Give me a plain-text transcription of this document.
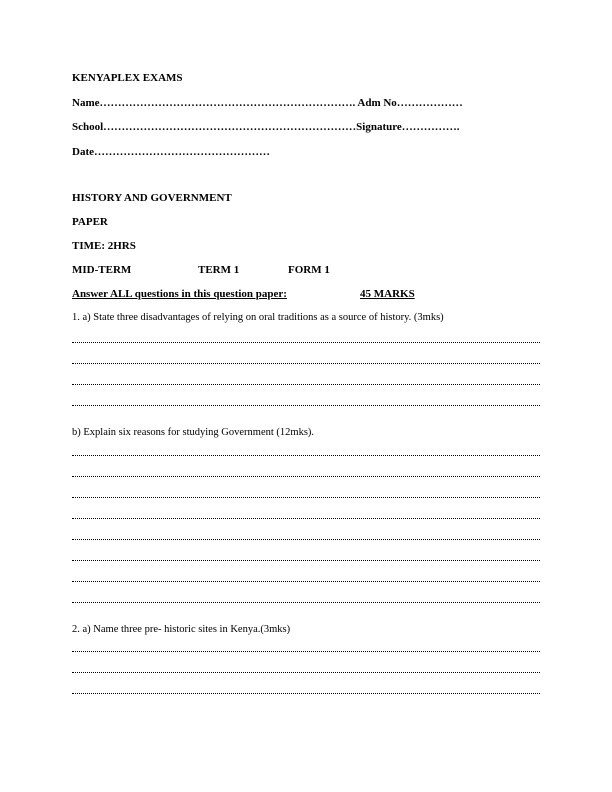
KENYAPLEX EXAMS
Name……………………………………………………………. Adm No………………
School……………………………………………………………Signature…………….
Date…………………………………………
HISTORY AND GOVERNMENT
PAPER
TIME: 2HRS
MID-TERM	TERM 1	FORM 1
Answer ALL questions in this question paper:	45 MARKS
1. a) State three disadvantages of relying on oral traditions as a source of history. (3mks)
b) Explain six reasons for studying Government (12mks).
2. a) Name three pre- historic sites in Kenya.(3mks)
